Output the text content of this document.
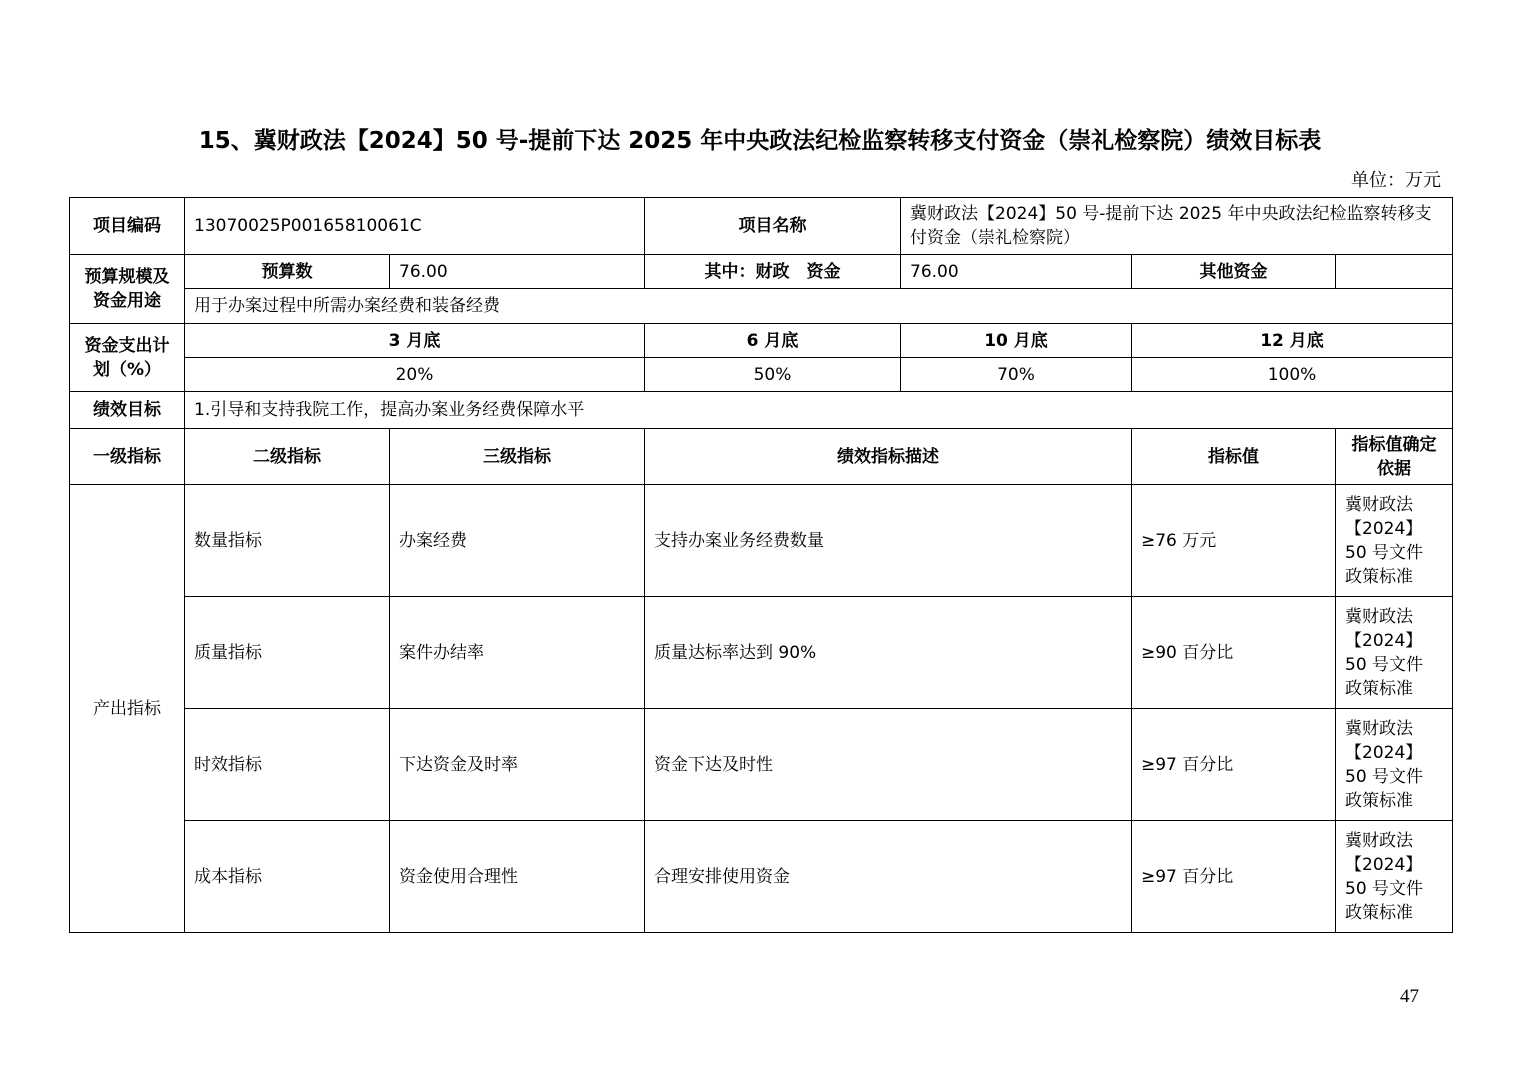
15、冀财政法【2024】50 号-提前下达 2025 年中央政法纪检监察转移支付资金（崇礼检察院）绩效目标表
单位：万元
项目编码	13070025P00165810061C		项目名称	冀财政法【2024】50 号-提前下达 2025 年中央政法纪检监察转移支付资金（崇礼检察院）		
预算规模及资金用途	预算数	76.00	其中：财政　资金	76.00	其他资金	
	用于办案过程中所需办案经费和装备经费					
资金支出计划（%）	3 月底		6 月底	10 月底	12 月底	
	20%		50%	70%	100%	
绩效目标	1.引导和支持我院工作，提高办案业务经费保障水平					
一级指标	二级指标	三级指标	绩效指标描述		指标值	指标值确定依据
产出指标	数量指标	办案经费	支持办案业务经费数量		≥76 万元	冀财政法
【2024】
50 号文件
政策标准
	质量指标	案件办结率	质量达标率达到 90%		≥90 百分比	冀财政法
【2024】
50 号文件
政策标准
	时效指标	下达资金及时率	资金下达及时性		≥97 百分比	冀财政法
【2024】
50 号文件
政策标准
	成本指标	资金使用合理性	合理安排使用资金		≥97 百分比	冀财政法
【2024】
50 号文件
政策标准
47
